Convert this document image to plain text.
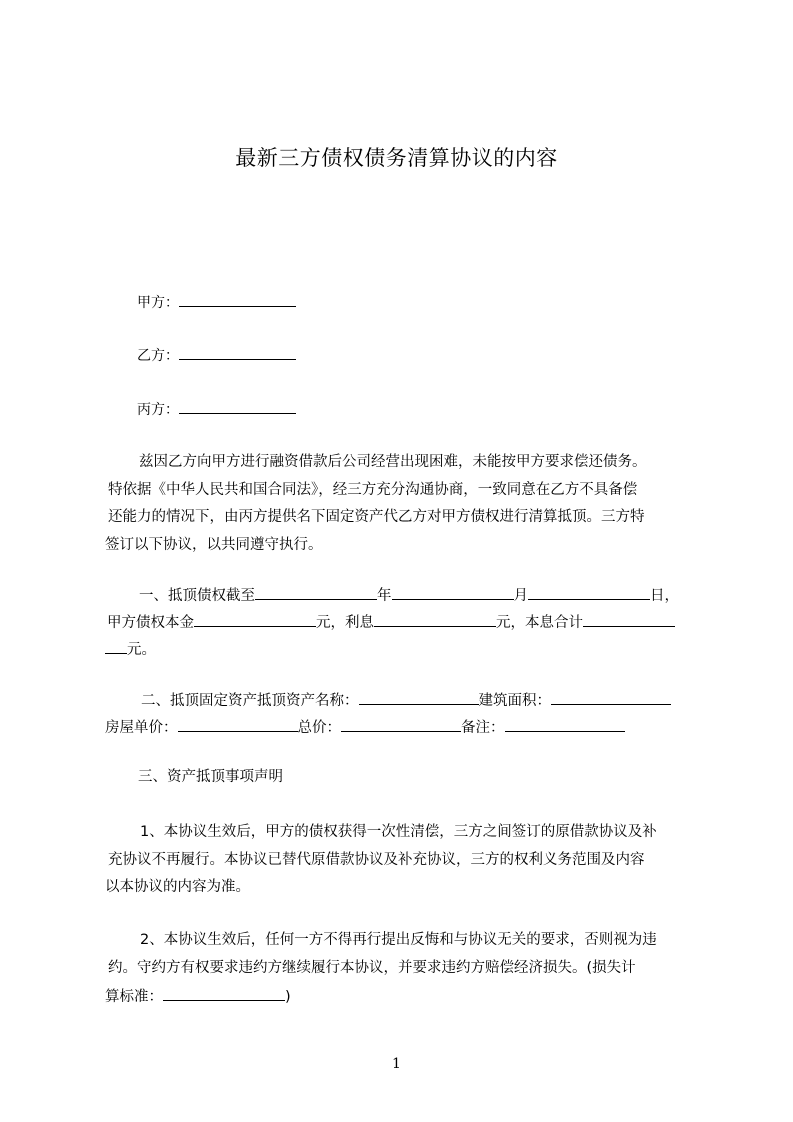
最新三方债权债务清算协议的内容
甲方：
乙方：
丙方：
兹因乙方向甲方进行融资借款后公司经营出现困难，未能按甲方要求偿还债务。
特依据《中华人民共和国合同法》，经三方充分沟通协商，一致同意在乙方不具备偿
还能力的情况下，由丙方提供名下固定资产代乙方对甲方债权进行清算抵顶。三方特
签订以下协议，以共同遵守执行。
一、抵顶债权截至	年	月	日，
甲方债权本金	元，利息	元，本息合计
元。
二、抵顶固定资产抵顶资产名称：	建筑面积：
房屋单价：	总价：	备注：
三、资产抵顶事项声明
1、本协议生效后，甲方的债权获得一次性清偿，三方之间签订的原借款协议及补
充协议不再履行。本协议已替代原借款协议及补充协议，三方的权利义务范围及内容
以本协议的内容为准。
2、本协议生效后，任何一方不得再行提出反悔和与协议无关的要求，否则视为违
约。守约方有权要求违约方继续履行本协议，并要求违约方赔偿经济损失。(损失计
算标准：	)
1
